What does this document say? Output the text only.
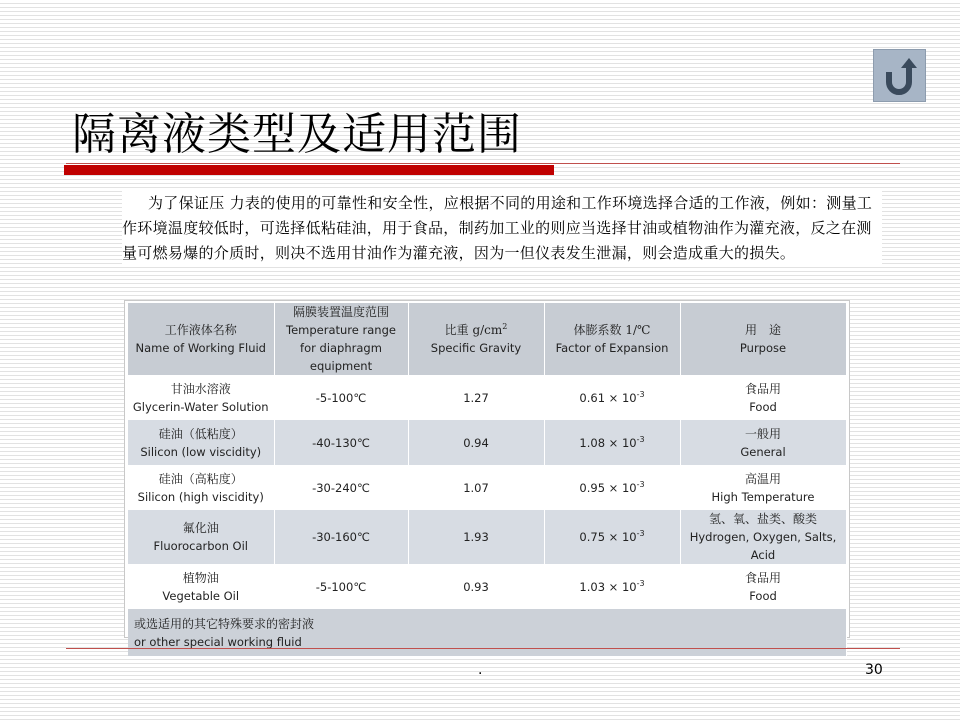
隔离液类型及适用范围

为了保证压 力表的使用的可靠性和安全性，应根据不同的用途和工作环境选择合适的工作液，例如：测量工作环境温度较低时，可选择低粘硅油，用于食品，制药加工业的则应当选择甘油或植物油作为灌充液，反之在测量可燃易爆的介质时，则决不选用甘油作为灌充液，因为一但仪表发生泄漏，则会造成重大的损失。

工作液体名称
Name of Working Fluid	隔膜装置温度范围
Temperature range for diaphragm equipment	比重 $g/cm^2$
Specific Gravity	体膨系数 1/℃
Factor of Expansion	用　途
Purpose

甘油水溶液
Glycerin-Water Solution	-5-100℃	1.27	$0.61 \times 10^{-3}$	食品用
Food

硅油（低粘度）
Silicon (low viscidity)	-40-130℃	0.94	$1.08 \times 10^{-3}$	一般用
General

硅油（高粘度）
Silicon (high viscidity)	-30-240℃	1.07	$0.95 \times 10^{-3}$	高温用
High Temperature

氟化油
Fluorocarbon Oil	-30-160℃	1.93	$0.75 \times 10^{-3}$	氢、氧、盐类、酸类
Hydrogen, Oxygen, Salts, Acid

植物油
Vegetable Oil	-5-100℃	0.93	$1.03 \times 10^{-3}$	食品用
Food

或选适用的其它特殊要求的密封液
or other special working fluid				
.	30
